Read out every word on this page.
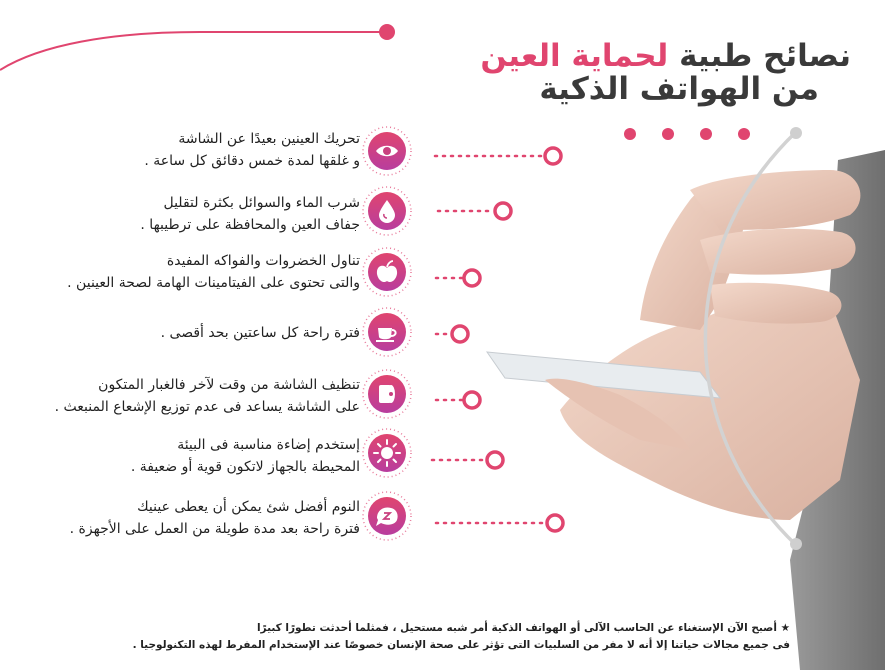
نصائح طبية لحماية العين
من الهواتف الذكية
تحريك العينين بعيدًا عن الشاشة
و غلقها لمدة خمس دقائق كل ساعة .
شرب الماء والسوائل بكثرة لتقليل
جفاف العين والمحافظة على ترطيبها .
تناول الخضروات والفواكه المفيدة
والتى تحتوى على الفيتامينات الهامة لصحة العينين .
فترة راحة كل ساعتين بحد أقصى .
تنظيف الشاشة من وقت لآخر فالغبار المتكون
على الشاشة يساعد فى عدم توزيع الإشعاع المنبعث .
إستخدم إضاءة مناسبة فى البيئة
المحيطة بالجهاز لاتكون قوية أو ضعيفة .
النوم أفضل شئ يمكن أن يعطى عينيك
فترة راحة بعد مدة طويلة من العمل على الأجهزة .
★ أصبح الآن الإستغناء عن الحاسب الآلى أو الهواتف الذكية أمر شبه مستحيل ، فمثلما أحدثت تطورًا كبيرًا
فى جميع مجالات حياتنا إلا أنه لا مفر من السلبيات التى تؤثر على صحة الإنسان خصوصًا عند الإستخدام المفرط لهذه التكنولوجيا .
